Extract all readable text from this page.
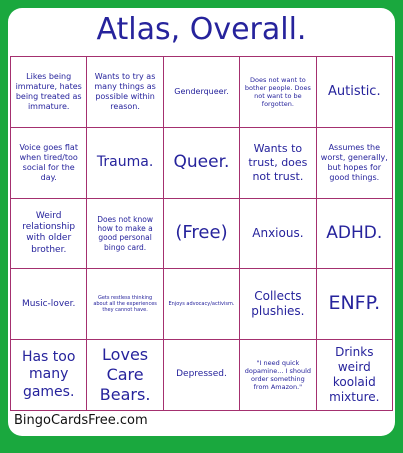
Atlas, Overall.
Likes being immature, hates being treated as immature.
Wants to try as many things as possible within reason.
Genderqueer.
Does not want to bother people. Does not want to be forgotten.
Autistic.
Voice goes flat when tired/too social for the day.
Trauma.	Queer.
Wants to trust, does not trust.
Assumes the worst, generally, but hopes for good things.
Weird relationship with older brother.
Does not know how to make a good personal bingo card.
(Free)	Anxious.	ADHD.
Music-lover.
Gets restless thinking about all the experiences they cannot have.
Enjoys advocacy/activism.
Collects plushies.	ENFP.
Has too many games.
Loves Care Bears.
Depressed.
"I need quick dopamine... I should order something from Amazon."
Drinks weird koolaid mixture.
BingoCardsFree.com
